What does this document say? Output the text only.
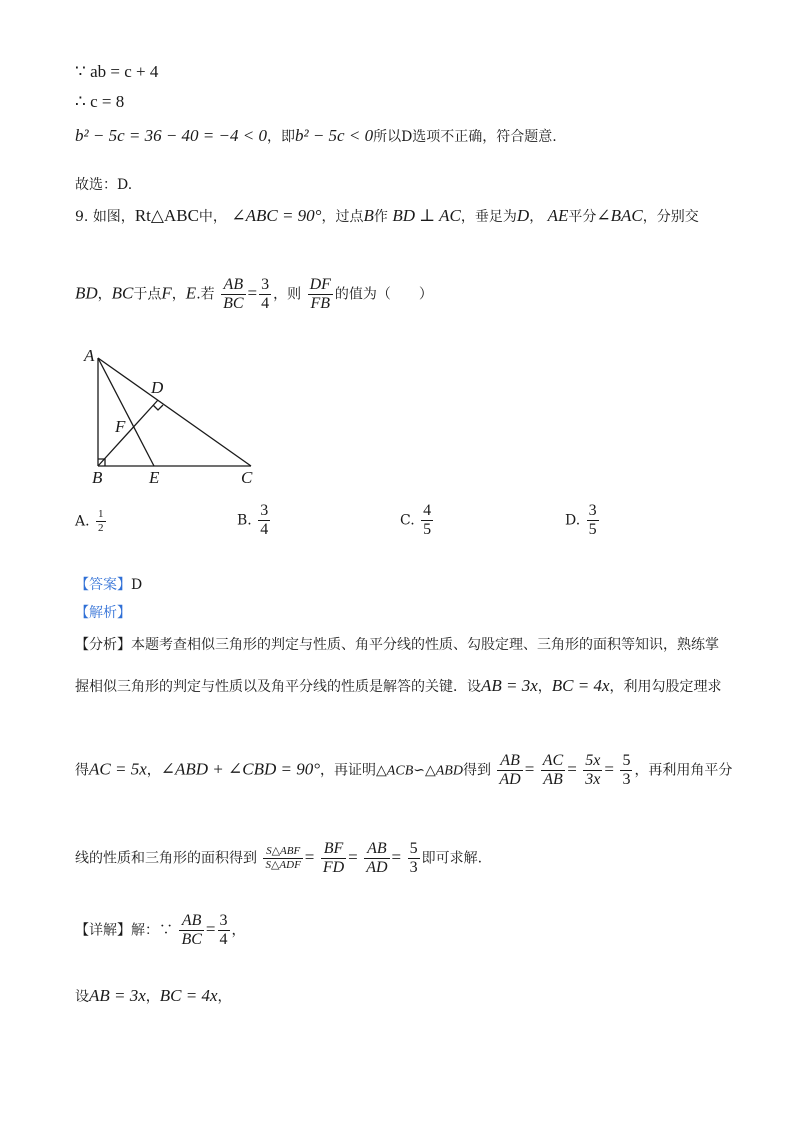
∵ ab = c + 4
∴ c = 8
b² − 5c = 36 − 40 = −4 < 0，即b² − 5c < 0所以D选项不正确，符合题意.
故选：D.
9. 如图，Rt△ABC中， ∠ABC = 90°，过点B作 BD ⊥ AC，垂足为D， AE平分∠BAC，分别交
BD，BC于点F，E.若 $\frac{AB}{BC} = \frac{3}{4}$ ，则 $\frac{DF}{FB}$ 的值为（　　）
A
B	C
D
E
F
A. $\frac{1}{2}$	B. $\frac{3}{4}$	C. $\frac{4}{5}$	D. $\frac{3}{5}$
【答案】D
【解析】
【分析】本题考查相似三角形的判定与性质、角平分线的性质、勾股定理、三角形的面积等知识，熟练掌
握相似三角形的判定与性质以及角平分线的性质是解答的关键．设AB = 3x，BC = 4x，利用勾股定理求
得AC = 5x，∠ABD + ∠CBD = 90°，再证明△ACB∽△ABD得到 $\frac{AB}{AD} = \frac{AC}{AB} = \frac{5x}{3x} = \frac{5}{3}$ ，再利用角平分
线的性质和三角形的面积得到 $\frac{\text{S△ABF}}{\text{S△ADF}} = \frac{BF}{FD} = \frac{AB}{AD} = \frac{5}{3}$ 即可求解.
【详解】解：∵ $\frac{AB}{BC} = \frac{3}{4}$ ，
设AB = 3x，BC = 4x，
